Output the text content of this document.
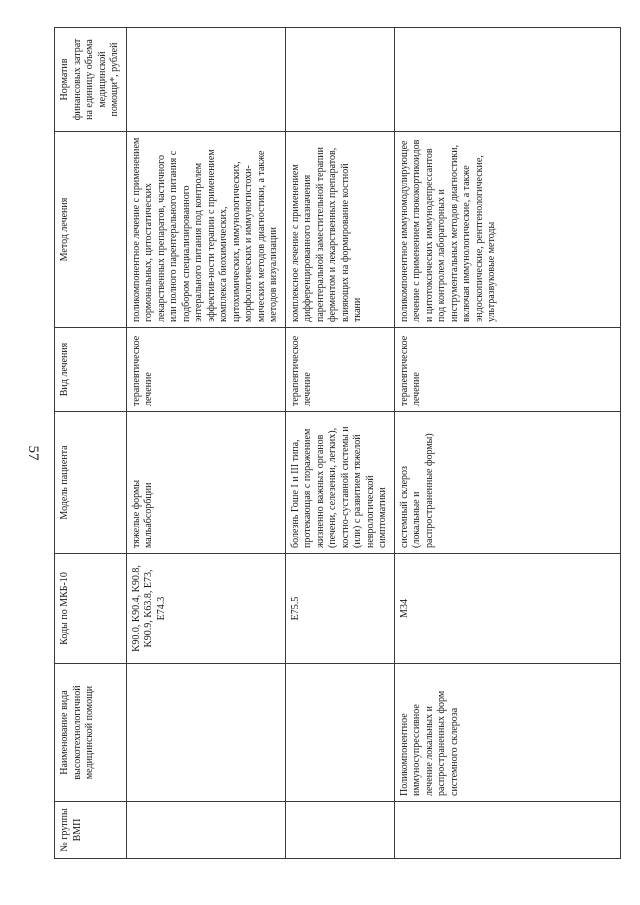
57
№ группы ВМП	Наименование вида высокотехнологичной медицинской помощи	Коды по МКБ-10	Модель пациента	Вид лечения	Метод лечения	Норматив финансовых затрат на единицу объема медицинской помощи*, рублей
		K90.0, K90.4, K90.8, K90.9, K63.8, E73, E74.3	тяжелые формы мальабсорбции	терапевтическое лечение	поликомпонентное лечение с применением гормональных, цитостатических лекарственных препаратов, частичного или полного парентерального питания с подбором специализированного энтерального питания под контролем эффектив-ности терапии с применением комплекса биохимических, цитохимических, иммунологических, морфологических и иммуногистохи-мических методов диагностики, а также методов визуализации	
		E75.5	болезнь Гоше I и III типа, протекающая с поражением жизненно важных органов (печени, селезенки, легких), костно-суставной системы и (или) с развитием тяжелой неврологической симптоматики	терапевтическое лечение	комплексное лечение с применением дифференцированного назначения парентеральной заместительной терапии ферментом и лекарственных препаратов, влияющих на формирование костной ткани	
	Поликомпонентное иммуносупрессивное лечение локальных и распространенных форм системного склероза	M34	системный склероз (локальные и распространенные формы)	терапевтическое лечение	поликомпонентное иммуномодулирующее лечение с применением глюкокортикоидов и цитотоксических иммунодепрессантов под контролем лабораторных и инструментальных методов диагностики, включая иммунологические, а также эндоскопические, рентгенологические, ультразвуковые методы	
